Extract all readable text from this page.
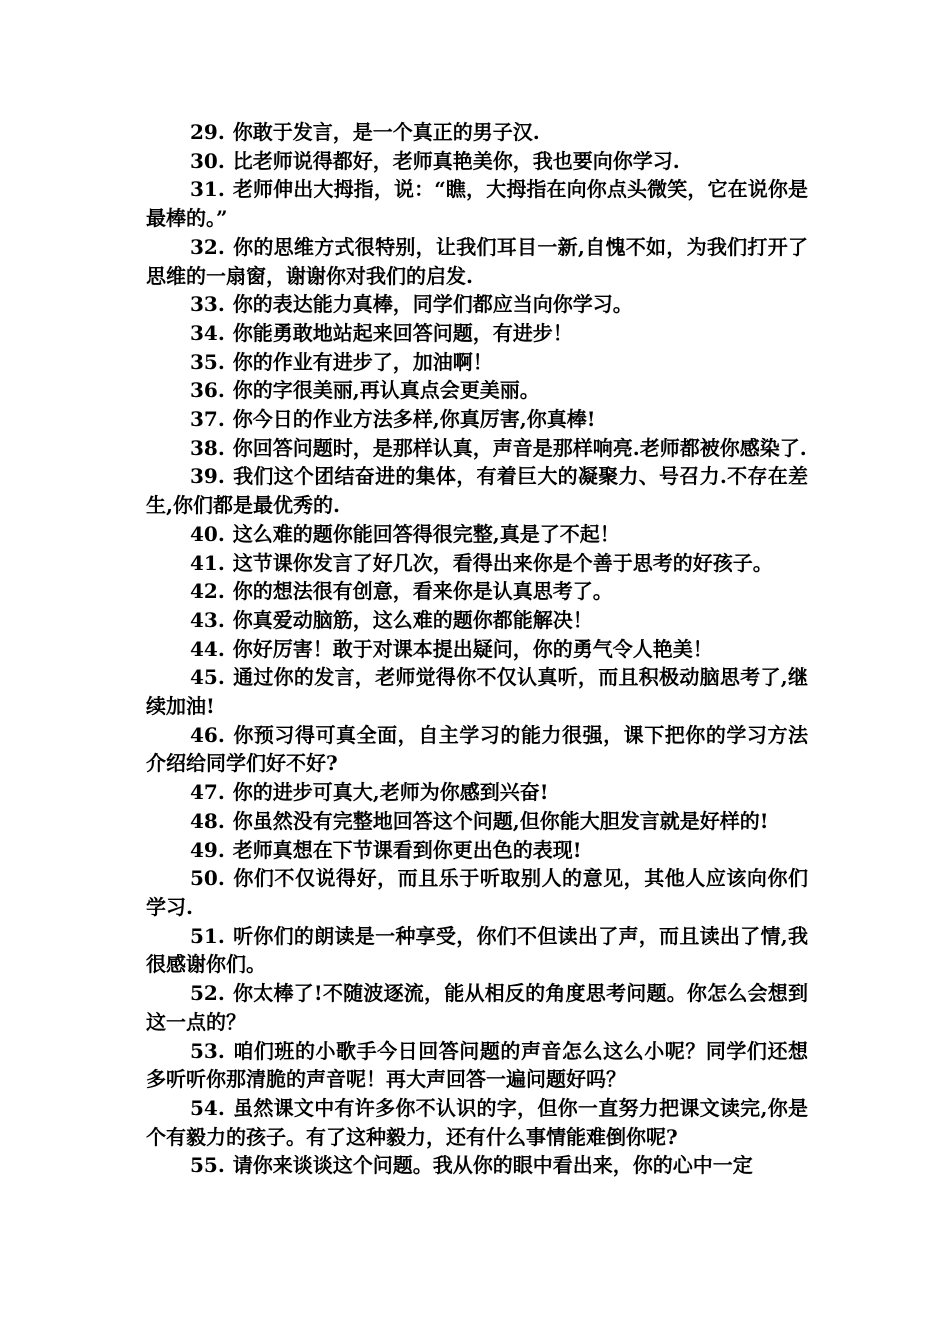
29. 你敢于发言，是一个真正的男子汉.

30. 比老师说得都好，老师真艳美你，我也要向你学习.

31. 老师伸出大拇指，说：“瞧，大拇指在向你点头微笑，它在说你是最棒的。”

32. 你的思维方式很特别，让我们耳目一新,自愧不如，为我们打开了思维的一扇窗，谢谢你对我们的启发.

33. 你的表达能力真棒，同学们都应当向你学习。

34. 你能勇敢地站起来回答问题，有进步！

35. 你的作业有进步了，加油啊！

36. 你的字很美丽,再认真点会更美丽。

37. 你今日的作业方法多样,你真厉害,你真棒!

38. 你回答问题时，是那样认真，声音是那样响亮.老师都被你感染了.

39. 我们这个团结奋进的集体，有着巨大的凝聚力、号召力.不存在差生,你们都是最优秀的.

40. 这么难的题你能回答得很完整,真是了不起！

41. 这节课你发言了好几次，看得出来你是个善于思考的好孩子。

42. 你的想法很有创意，看来你是认真思考了。

43. 你真爱动脑筋，这么难的题你都能解决！

44. 你好厉害！敢于对课本提出疑问，你的勇气令人艳美！

45. 通过你的发言，老师觉得你不仅认真听，而且积极动脑思考了,继续加油!

46. 你预习得可真全面，自主学习的能力很强，课下把你的学习方法介绍给同学们好不好?

47. 你的进步可真大,老师为你感到兴奋!

48. 你虽然没有完整地回答这个问题,但你能大胆发言就是好样的!

49. 老师真想在下节课看到你更出色的表现!

50. 你们不仅说得好，而且乐于听取别人的意见，其他人应该向你们学习.

51. 听你们的朗读是一种享受，你们不但读出了声，而且读出了情,我很感谢你们。

52. 你太棒了!不随波逐流，能从相反的角度思考问题。你怎么会想到这一点的？

53. 咱们班的小歌手今日回答问题的声音怎么这么小呢？同学们还想多听听你那清脆的声音呢！再大声回答一遍问题好吗？

54. 虽然课文中有许多你不认识的字，但你一直努力把课文读完,你是个有毅力的孩子。有了这种毅力，还有什么事情能难倒你呢?

55. 请你来谈谈这个问题。我从你的眼中看出来，你的心中一定
